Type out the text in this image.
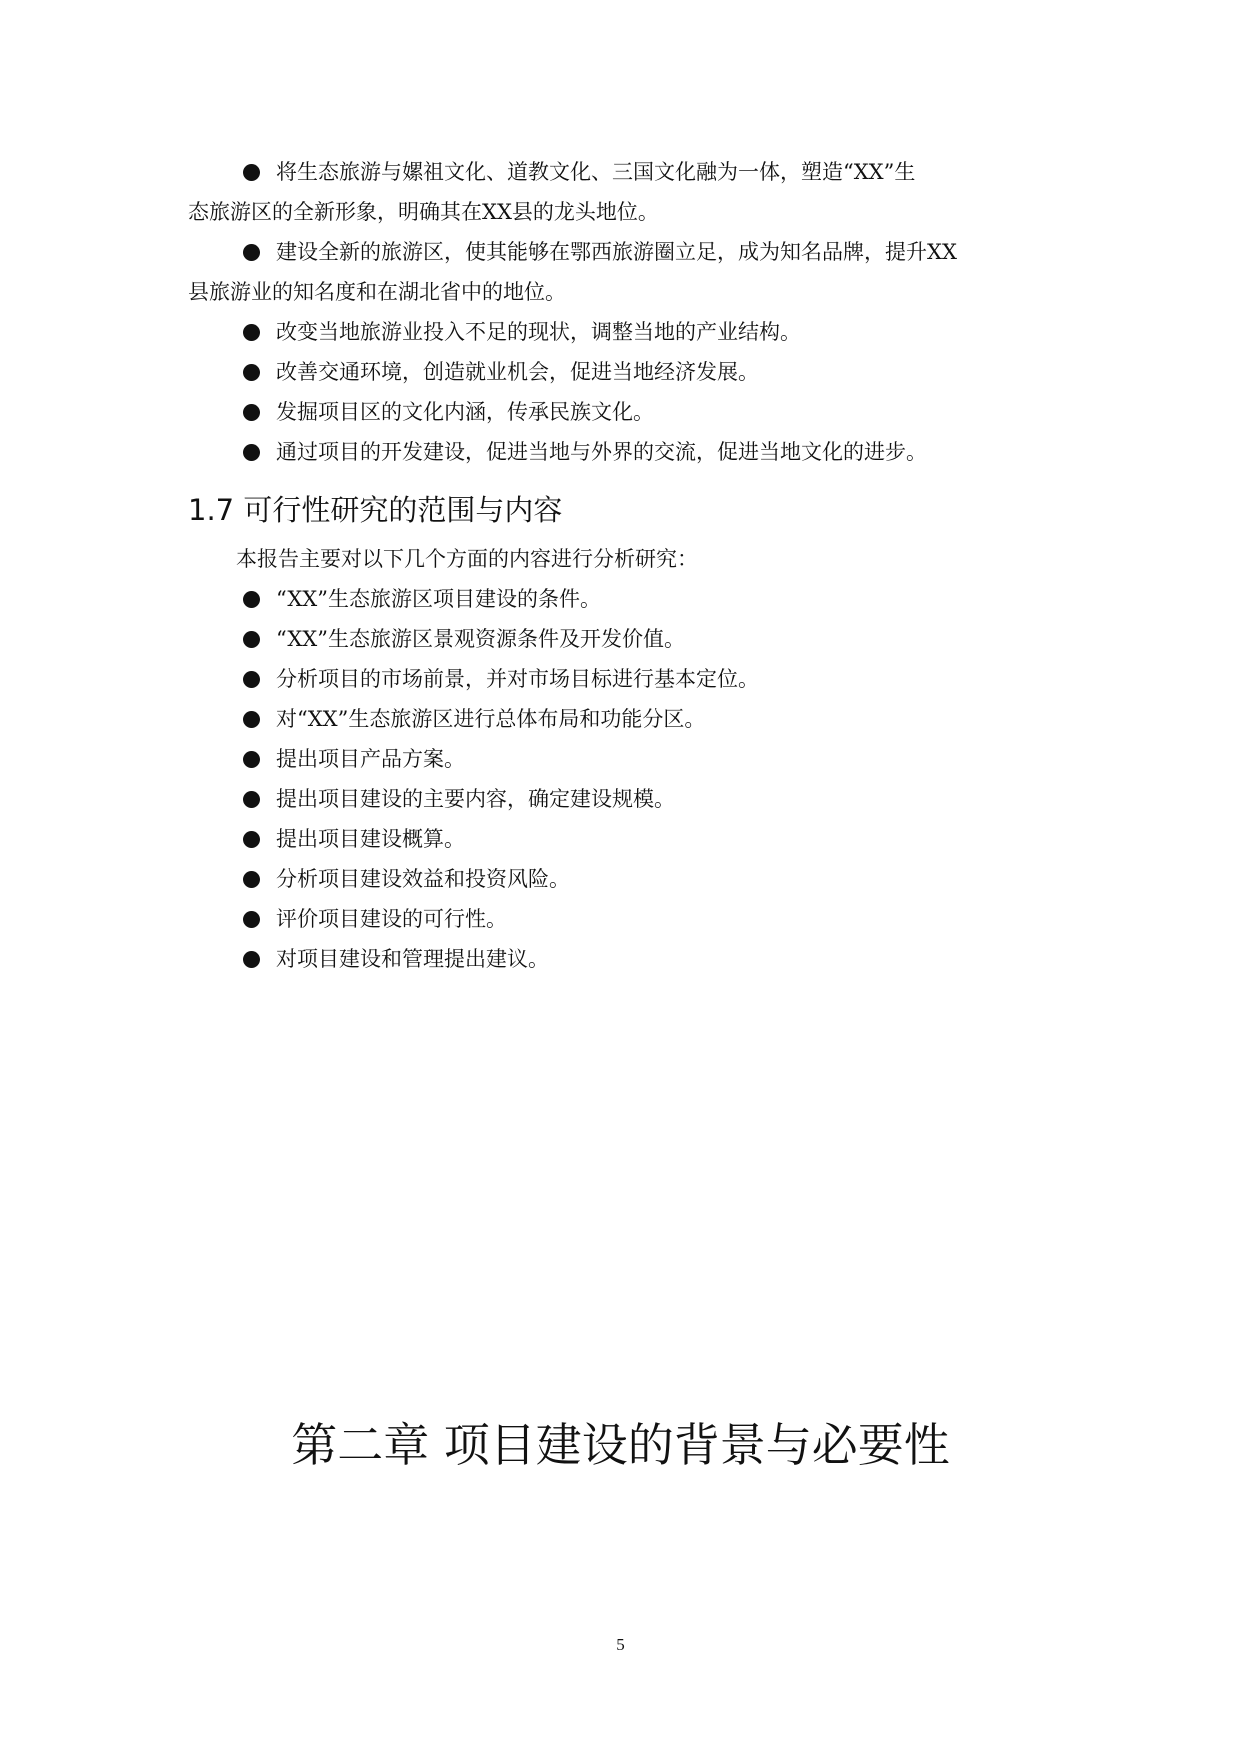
将生态旅游与嫘祖文化、道教文化、三国文化融为一体，塑造“XX”生
态旅游区的全新形象，明确其在XX县的龙头地位。
建设全新的旅游区，使其能够在鄂西旅游圈立足，成为知名品牌，提升XX
县旅游业的知名度和在湖北省中的地位。
改变当地旅游业投入不足的现状，调整当地的产业结构。
改善交通环境，创造就业机会，促进当地经济发展。
发掘项目区的文化内涵，传承民族文化。
通过项目的开发建设，促进当地与外界的交流，促进当地文化的进步。
1.7 可行性研究的范围与内容
本报告主要对以下几个方面的内容进行分析研究：
“XX”生态旅游区项目建设的条件。
“XX”生态旅游区景观资源条件及开发价值。
分析项目的市场前景，并对市场目标进行基本定位。
对“XX”生态旅游区进行总体布局和功能分区。
提出项目产品方案。
提出项目建设的主要内容，确定建设规模。
提出项目建设概算。
分析项目建设效益和投资风险。
评价项目建设的可行性。
对项目建设和管理提出建议。
第二章 项目建设的背景与必要性
5
